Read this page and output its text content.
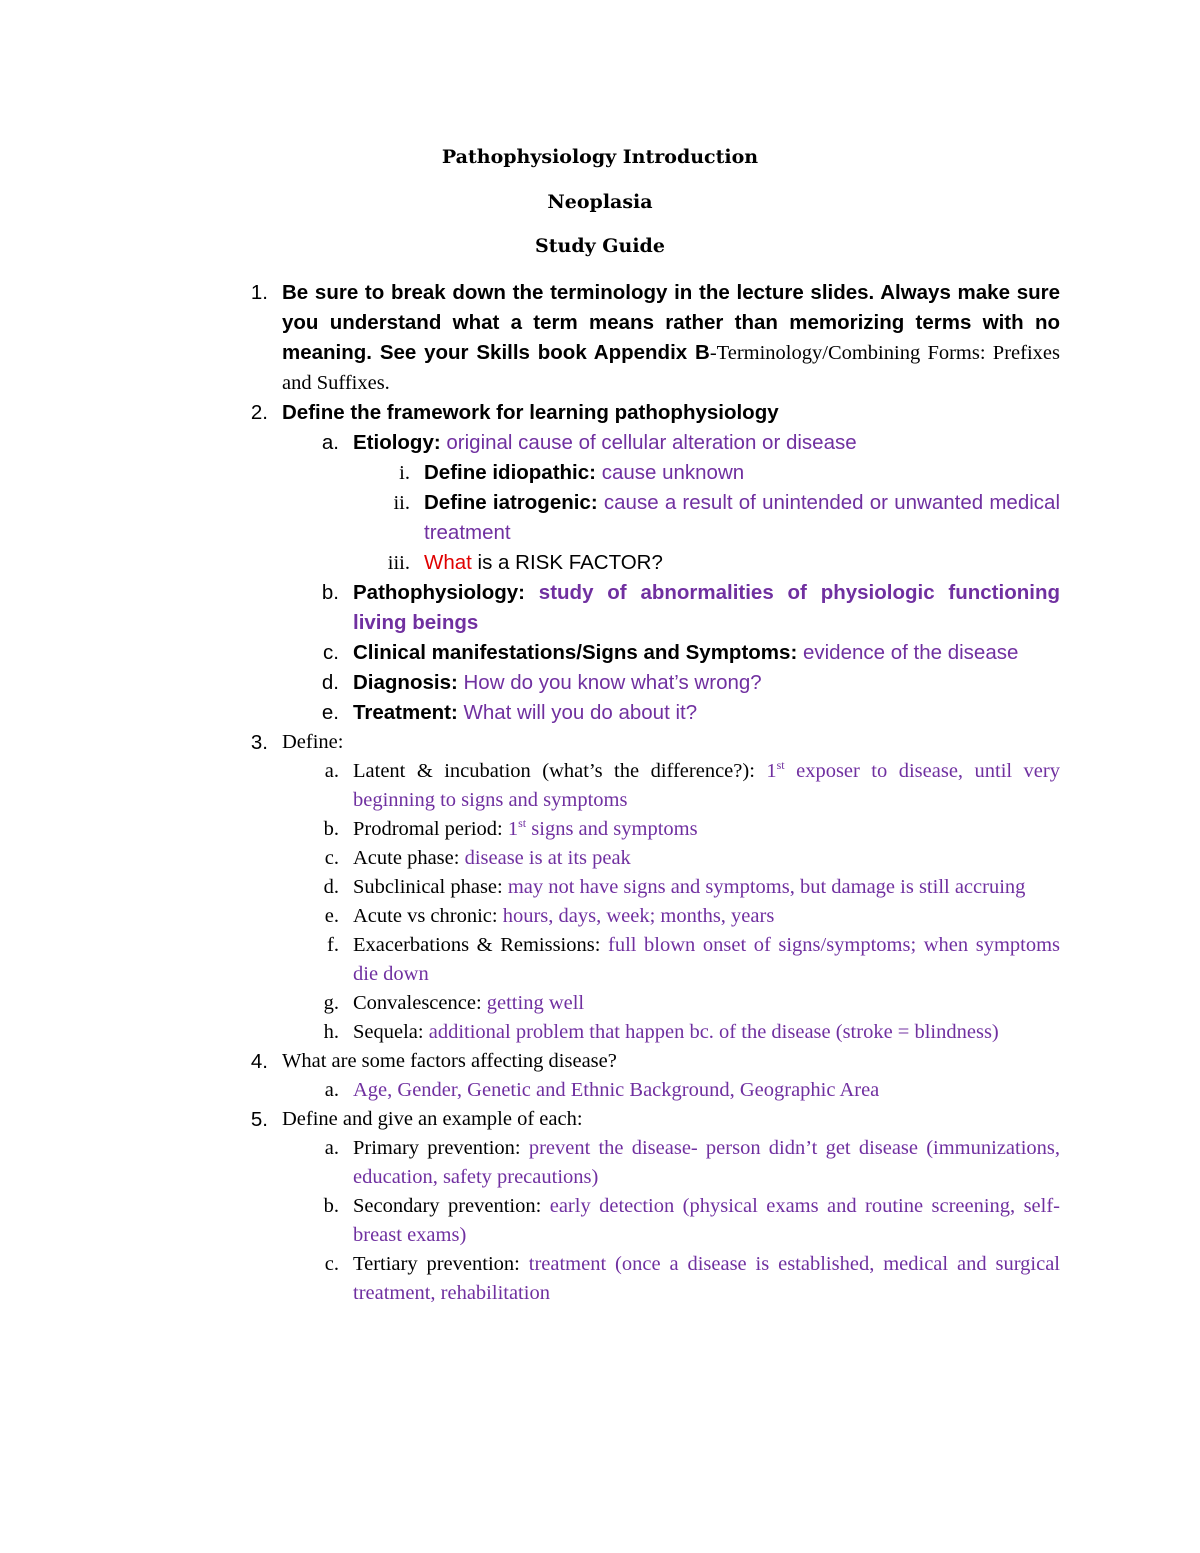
Pathophysiology Introduction
Neoplasia
Study Guide
1. Be sure to break down the terminology in the lecture slides. Always make sure you understand what a term means rather than memorizing terms with no meaning. See your Skills book Appendix B-Terminology/Combining Forms: Prefixes and Suffixes.
2. Define the framework for learning pathophysiology
a. Etiology: original cause of cellular alteration or disease
i. Define idiopathic: cause unknown
ii. Define iatrogenic: cause a result of unintended or unwanted medical treatment
iii. What is a RISK FACTOR?
b. Pathophysiology: study of abnormalities of physiologic functioning living beings
c. Clinical manifestations/Signs and Symptoms: evidence of the disease
d. Diagnosis: How do you know what’s wrong?
e. Treatment: What will you do about it?
3. Define:
a. Latent & incubation (what’s the difference?): 1st exposer to disease, until very beginning to signs and symptoms
b. Prodromal period: 1st signs and symptoms
c. Acute phase: disease is at its peak
d. Subclinical phase: may not have signs and symptoms, but damage is still accruing
e. Acute vs chronic: hours, days, week; months, years
f. Exacerbations & Remissions: full blown onset of signs/symptoms; when symptoms die down
g. Convalescence: getting well
h. Sequela: additional problem that happen bc. of the disease (stroke = blindness)
4. What are some factors affecting disease?
a. Age, Gender, Genetic and Ethnic Background, Geographic Area
5. Define and give an example of each:
a. Primary prevention: prevent the disease- person didn’t get disease (immunizations, education, safety precautions)
b. Secondary prevention: early detection (physical exams and routine screening, self-breast exams)
c. Tertiary prevention: treatment (once a disease is established, medical and surgical treatment, rehabilitation
